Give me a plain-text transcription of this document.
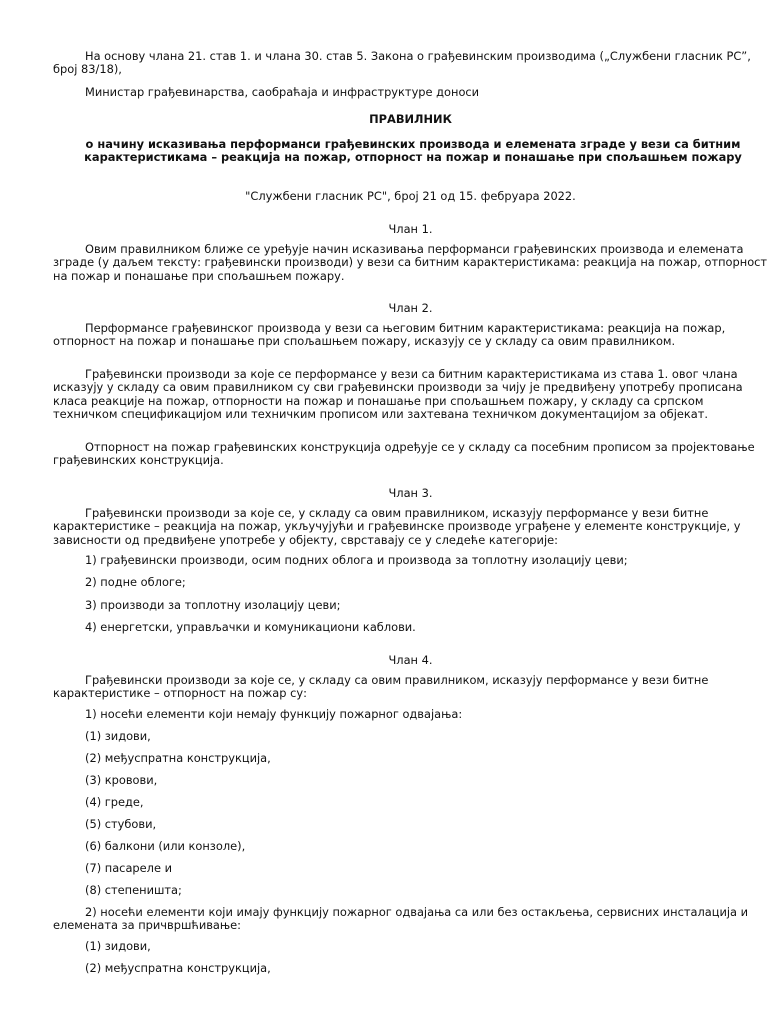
На основу члана 21. став 1. и члана 30. став 5. Закона о грађевинским производима („Службени гласник РС”, број 83/18),

Министар грађевинарства, саобраћаја и инфраструктуре доноси

ПРАВИЛНИК

о начину исказивања перформанси грађевинских производа и елемената зграде у вези са битним карактеристикама – реакција на пожар, отпорност на пожар и понашање при спољашњем пожару

"Службени гласник РС", број 21 од 15. фебруара 2022.

Члан 1.

Овим правилником ближе се уређује начин исказивања перформанси грађевинских производа и елемената зграде (у даљем тексту: грађевински производи) у вези са битним карактеристикама: реакција на пожар, отпорност на пожар и понашање при спољашњем пожару.

Члан 2.

Перформансе грађевинског производа у вези са његовим битним карактеристикама: реакција на пожар, отпорност на пожар и понашање при спољашњем пожару, исказују се у складу са овим правилником.

Грађевински производи за које се перформансе у вези са битним карактеристикама из става 1. овог члана исказују у складу са овим правилником су сви грађевински производи за чију је предвиђену употребу прописана класа реакције на пожар, отпорности на пожар и понашање при спољашњем пожару, у складу са српском техничком спецификацијом или техничким прописом или захтевана техничком документацијом за објекат.

Отпорност на пожар грађевинских конструкција одређује се у складу са посебним прописом за пројектовање грађевинских конструкција.

Члан 3.

Грађевински производи за које се, у складу са овим правилником, исказују перформансе у вези битне карактеристике – реакција на пожар, укључујући и грађевинске производе уграђене у елементе конструкције, у зависности од предвиђене употребе у објекту, сврставају се у следеће категорије:

1) грађевински производи, осим подних облога и производа за топлотну изолацију цеви;

2) подне облоге;

3) производи за топлотну изолацију цеви;

4) енергетски, управљачки и комуникациони каблови.

Члан 4.

Грађевински производи за које се, у складу са овим правилником, исказују перформансе у вези битне карактеристике – отпорност на пожар су:

1) носећи елементи који немају функцију пожарног одвајања:

(1) зидови,

(2) међуспратна конструкција,

(3) кровови,

(4) греде,

(5) стубови,

(6) балкони (или конзоле),

(7) пасареле и

(8) степеништа;

2) носећи елементи који имају функцију пожарног одвајања са или без остакљења, сервисних инсталација и елемената за причвршћивање:

(1) зидови,

(2) међуспратна конструкција,
